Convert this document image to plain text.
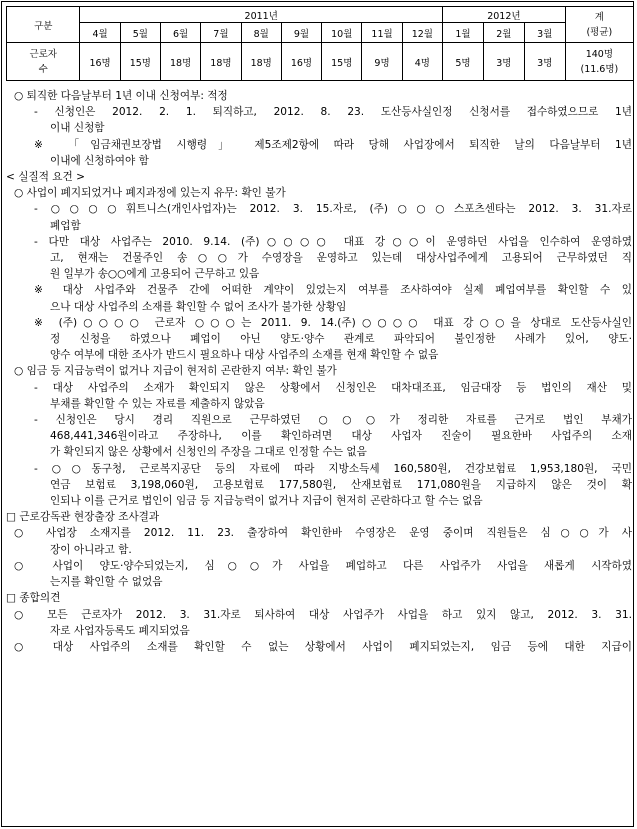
구분	2011년									2012년			계
(평균)
	4월	5월	6월	7월	8월	9월	10월	11월	12월	1월	2월	3월	
근로자
수	16명	15명	18명	18명	18명	16명	15명	9명	4명	5명	3명	3명	140명
(11.6명)
○ 퇴직한 다음날부터 1년 이내 신청여부: 적정
- 신청인은 2012. 2. 1. 퇴직하고, 2012. 8. 23. 도산등사실인정 신청서를 접수하였으므로 1년
이내 신청함
※ 「임금채권보장법 시행령」 제5조제2항에 따라 당해 사업장에서 퇴직한 날의 다음날부터 1년
이내에 신청하여야 함
< 실질적 요건 >
○ 사업이 폐지되었거나 폐지과정에 있는지 유무: 확인 불가
- ○○○○휘트니스(개인사업자)는 2012. 3. 15.자로, (주)○○○스포츠센타는 2012. 3. 31.자로
폐업함
- 다만 대상 사업주는 2010. 9.14. (주)○○○○ 대표 강○○이 운영하던 사업을 인수하여 운영하였
고, 현재는 건물주인 송○○가 수영장을 운영하고 있는데 대상사업주에게 고용되어 근무하였던 직
원 일부가 송○○에게 고용되어 근무하고 있음
※ 대상 사업주와 건물주 간에 어떠한 계약이 있었는지 여부를 조사하여야 실제 폐업여부를 확인할 수 있
으나 대상 사업주의 소재를 확인할 수 없어 조사가 불가한 상황임
※ (주)○○○○ 근로자 ○○○는 2011. 9. 14.(주)○○○○ 대표 강○○을 상대로 도산등사실인
정 신청을 하였으나 폐업이 아닌 양도·양수 관계로 파악되어 불인정한 사례가 있어, 양도·
양수 여부에 대한 조사가 반드시 필요하나 대상 사업주의 소재를 현재 확인할 수 없음
○ 임금 등 지급능력이 없거나 지급이 현저히 곤란한지 여부: 확인 불가
- 대상 사업주의 소재가 확인되지 않은 상황에서 신청인은 대차대조표, 임금대장 등 법인의 재산 및
부채를 확인할 수 있는 자료를 제출하지 않았음
- 신청인은 당시 경리 직원으로 근무하였던 ○○○가 정리한 자료를 근거로 법인 부채가
468,441,346원이라고 주장하나, 이를 확인하려면 대상 사업자 진술이 필요한바 사업주의 소재
가 확인되지 않은 상황에서 신청인의 주장을 그대로 인정할 수는 없음
- ○○동구청, 근로복지공단 등의 자료에 따라 지방소득세 160,580원, 건강보험료 1,953,180원, 국민
연금 보험료 3,198,060원, 고용보험료 177,580원, 산재보험료 171,080원을 지급하지 않은 것이 확
인되나 이를 근거로 법인이 임금 등 지급능력이 없거나 지급이 현저히 곤란하다고 할 수는 없음
□ 근로감독관 현장출장 조사결과
○ 사업장 소재지를 2012. 11. 23. 출장하여 확인한바 수영장은 운영 중이며 직원들은 심○○가 사
장이 아니라고 함.
○ 사업이 양도·양수되었는지, 심○○가 사업을 폐업하고 다른 사업주가 사업을 새롭게 시작하였
는지를 확인할 수 없었음
□ 종합의견
○ 모든 근로자가 2012. 3. 31.자로 퇴사하여 대상 사업주가 사업을 하고 있지 않고, 2012. 3. 31.
자로 사업자등록도 폐지되었음
○ 대상 사업주의 소재를 확인할 수 없는 상황에서 사업이 폐지되었는지, 임금 등에 대한 지급이
